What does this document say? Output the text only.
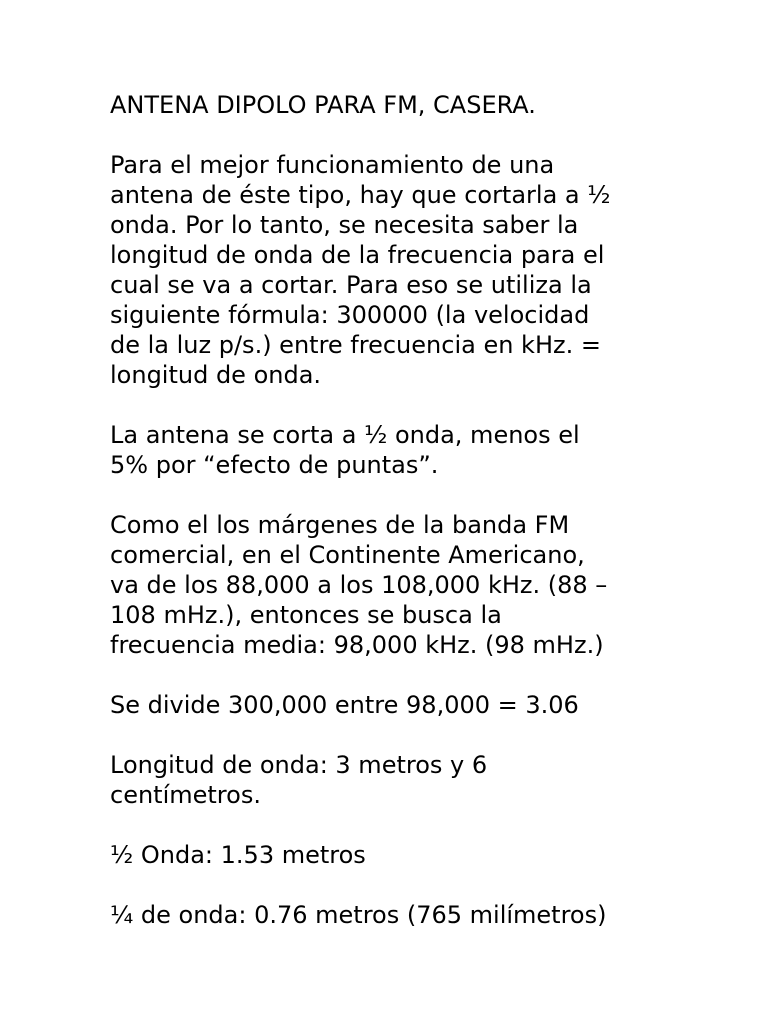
ANTENA DIPOLO PARA FM, CASERA.

Para el mejor funcionamiento de una
antena de éste tipo, hay que cortarla a ½
onda. Por lo tanto, se necesita saber la
longitud de onda de la frecuencia para el
cual se va a cortar. Para eso se utiliza la
siguiente fórmula: 300000 (la velocidad
de la luz p/s.) entre frecuencia en kHz. =
longitud de onda.

La antena se corta a ½ onda, menos el
5% por “efecto de puntas”.

Como el los márgenes de la banda FM
comercial, en el Continente Americano,
va de los 88,000 a los 108,000 kHz. (88 –
108 mHz.), entonces se busca la
frecuencia media: 98,000 kHz. (98 mHz.)

Se divide 300,000 entre 98,000 = 3.06

Longitud de onda: 3 metros y 6
centímetros.

½ Onda: 1.53 metros

¼ de onda: 0.76 metros (765 milímetros)
